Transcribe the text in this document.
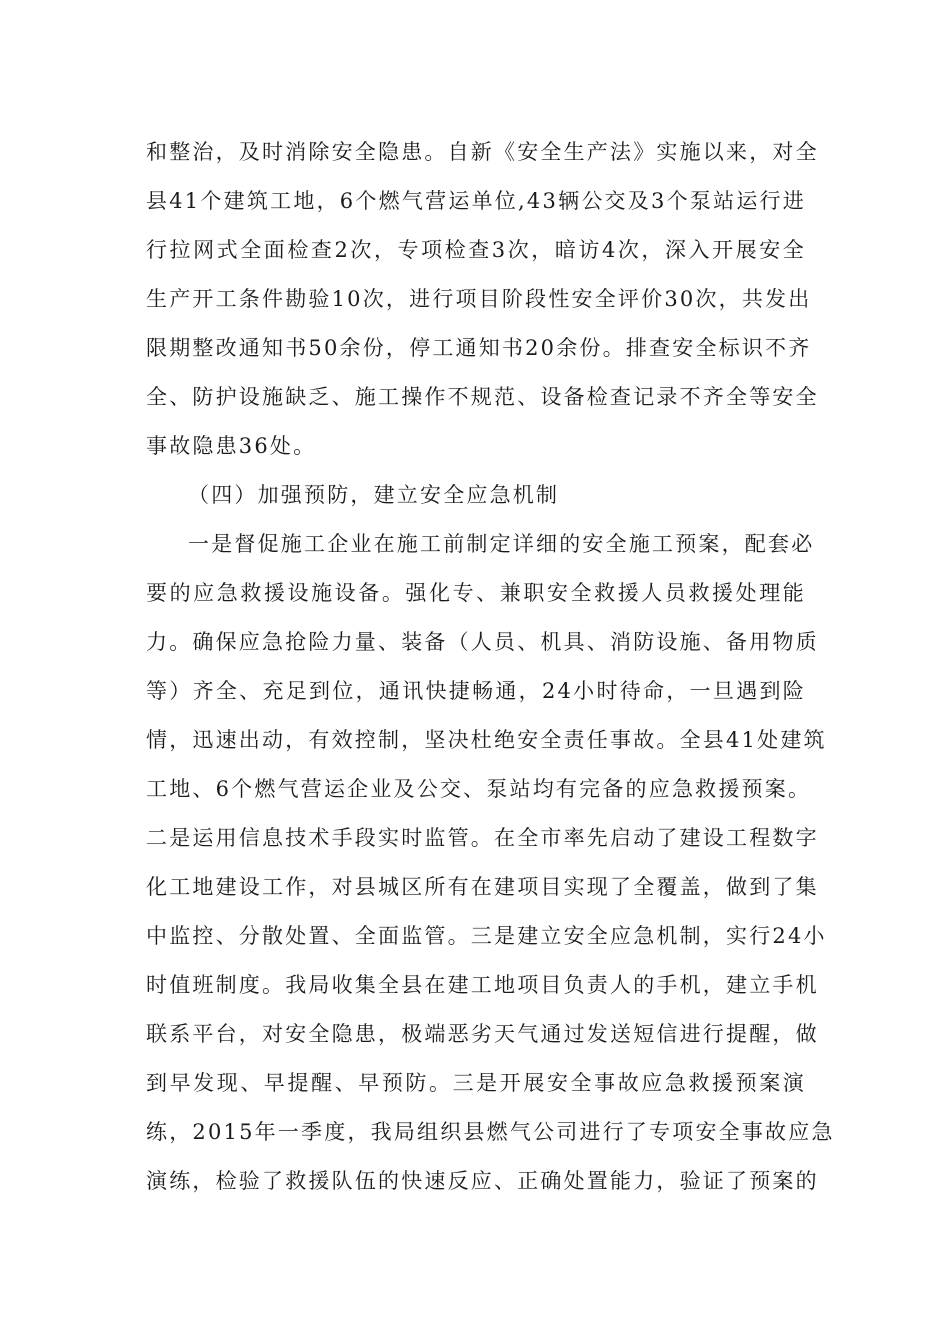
和整治，及时消除安全隐患。自新《安全生产法》实施以来，对全
县41个建筑工地，6个燃气营运单位,43辆公交及3个泵站运行进
行拉网式全面检查2次，专项检查3次，暗访4次，深入开展安全
生产开工条件勘验10次，进行项目阶段性安全评价30次，共发出
限期整改通知书50余份，停工通知书20余份。排查安全标识不齐
全、防护设施缺乏、施工操作不规范、设备检查记录不齐全等安全
事故隐患36处。
（四）加强预防，建立安全应急机制
一是督促施工企业在施工前制定详细的安全施工预案，配套必
要的应急救援设施设备。强化专、兼职安全救援人员救援处理能
力。确保应急抢险力量、装备（人员、机具、消防设施、备用物质
等）齐全、充足到位，通讯快捷畅通，24小时待命，一旦遇到险
情，迅速出动，有效控制，坚决杜绝安全责任事故。全县41处建筑
工地、6个燃气营运企业及公交、泵站均有完备的应急救援预案。
二是运用信息技术手段实时监管。在全市率先启动了建设工程数字
化工地建设工作，对县城区所有在建项目实现了全覆盖，做到了集
中监控、分散处置、全面监管。三是建立安全应急机制，实行24小
时值班制度。我局收集全县在建工地项目负责人的手机，建立手机
联系平台，对安全隐患，极端恶劣天气通过发送短信进行提醒，做
到早发现、早提醒、早预防。三是开展安全事故应急救援预案演
练，2015年一季度，我局组织县燃气公司进行了专项安全事故应急
演练，检验了救援队伍的快速反应、正确处置能力，验证了预案的
